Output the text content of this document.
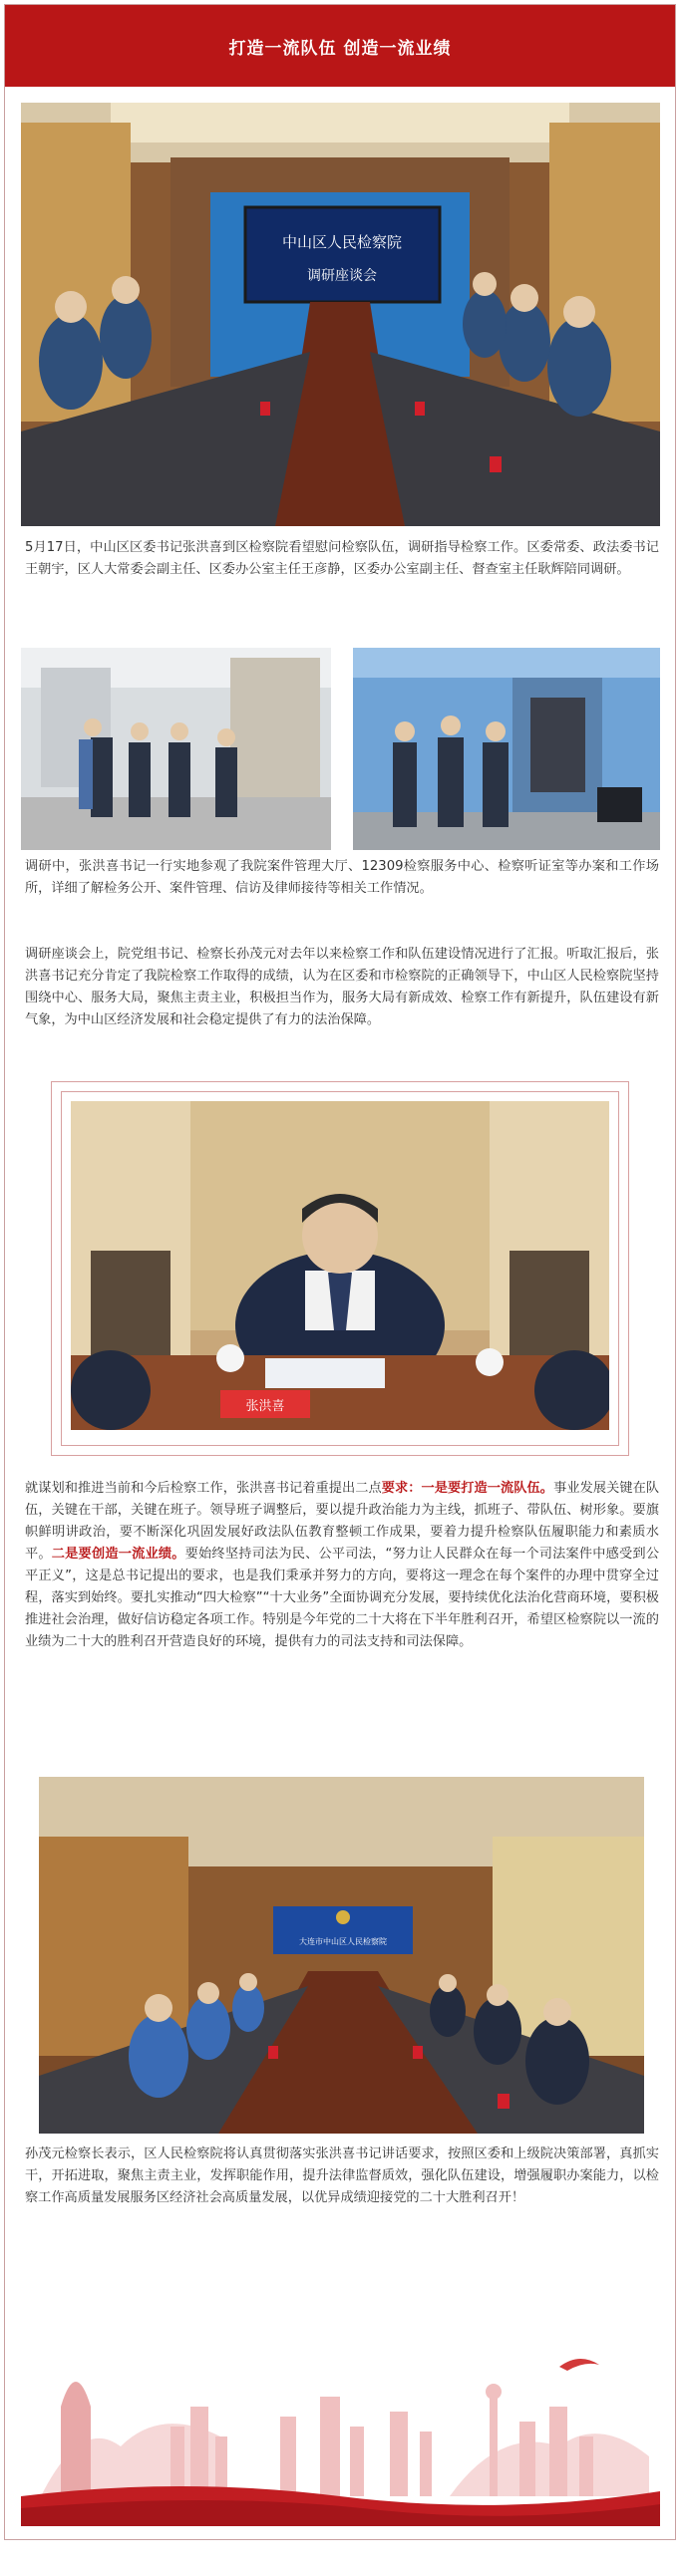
打造一流队伍 创造一流业绩
中山区人民检察院
调研座谈会

5月17日，中山区区委书记张洪喜到区检察院看望慰问检察队伍，调研指导检察工作。区委常委、政法委书记王朝宇，区人大常委会副主任、区委办公室主任王彦静，区委办公室副主任、督查室主任耿辉陪同调研。

调研中，张洪喜书记一行实地参观了我院案件管理大厅、12309检察服务中心、检察听证室等办案和工作场所，详细了解检务公开、案件管理、信访及律师接待等相关工作情况。

调研座谈会上，院党组书记、检察长孙茂元对去年以来检察工作和队伍建设情况进行了汇报。听取汇报后，张洪喜书记充分肯定了我院检察工作取得的成绩，认为在区委和市检察院的正确领导下，中山区人民检察院坚持围绕中心、服务大局，聚焦主责主业，积极担当作为，服务大局有新成效、检察工作有新提升，队伍建设有新气象，为中山区经济发展和社会稳定提供了有力的法治保障。

张洪喜

就谋划和推进当前和今后检察工作，张洪喜书记着重提出二点要求：一是要打造一流队伍。事业发展关键在队伍，关键在干部，关键在班子。领导班子调整后，要以提升政治能力为主线，抓班子、带队伍、树形象。要旗帜鲜明讲政治，要不断深化巩固发展好政法队伍教育整顿工作成果，要着力提升检察队伍履职能力和素质水平。二是要创造一流业绩。要始终坚持司法为民、公平司法，“努力让人民群众在每一个司法案件中感受到公平正义”，这是总书记提出的要求，也是我们秉承并努力的方向，要将这一理念在每个案件的办理中贯穿全过程，落实到始终。要扎实推动“四大检察”“十大业务”全面协调充分发展，要持续优化法治化营商环境，要积极推进社会治理，做好信访稳定各项工作。特别是今年党的二十大将在下半年胜利召开，希望区检察院以一流的业绩为二十大的胜利召开营造良好的环境，提供有力的司法支持和司法保障。

大连市中山区人民检察院

孙茂元检察长表示，区人民检察院将认真贯彻落实张洪喜书记讲话要求，按照区委和上级院决策部署，真抓实干，开拓进取，聚焦主责主业，发挥职能作用，提升法律监督质效，强化队伍建设，增强履职办案能力，以检察工作高质量发展服务区经济社会高质量发展，以优异成绩迎接党的二十大胜利召开！
